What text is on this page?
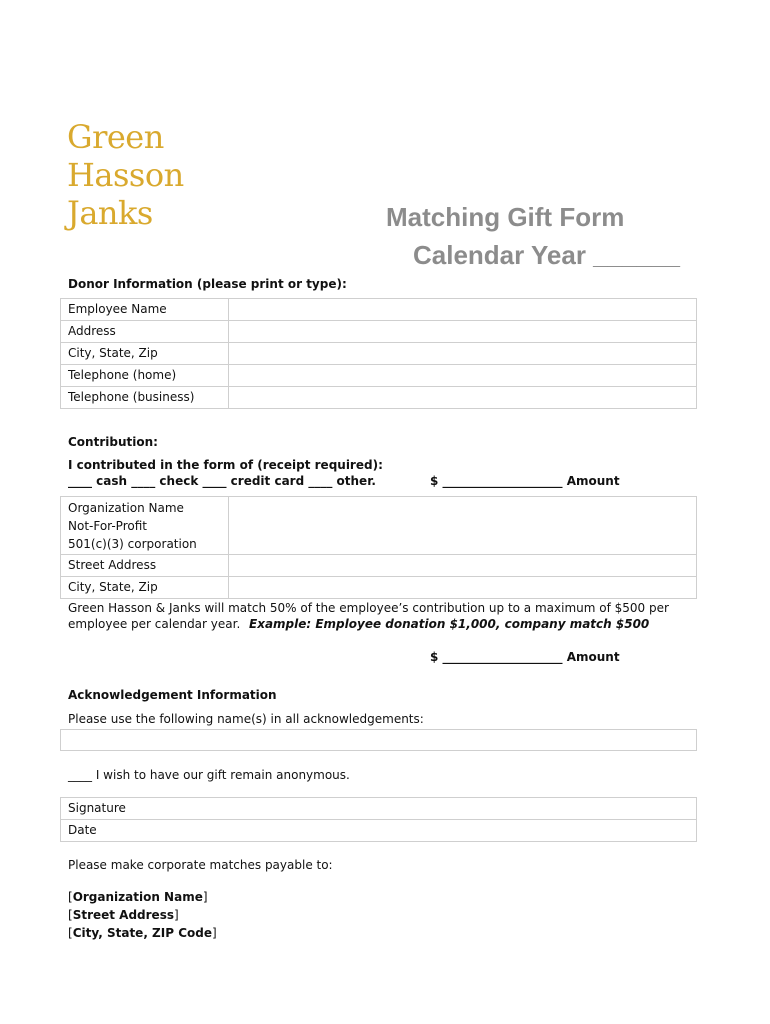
Green
Hasson
Janks	Matching Gift Form
Calendar Year ______
Donor Information (please print or type):
Employee Name
Address
City, State, Zip
Telephone (home)
Telephone (business)
Contribution:
I contributed in the form of (receipt required):
____ cash ____ check ____ credit card ____ other.	$ ____________________ Amount
Organization Name
Not-For-Profit
501(c)(3) corporation
Street Address
City, State, Zip
Green Hasson & Janks will match 50% of the employee’s contribution up to a maximum of $500 per
employee per calendar year. Example: Employee donation $1,000, company match $500
$ ____________________ Amount
Acknowledgement Information
Please use the following name(s) in all acknowledgements:
____ I wish to have our gift remain anonymous.
Signature
Date
Please make corporate matches payable to:
[Organization Name]
[Street Address]
[City, State, ZIP Code]
